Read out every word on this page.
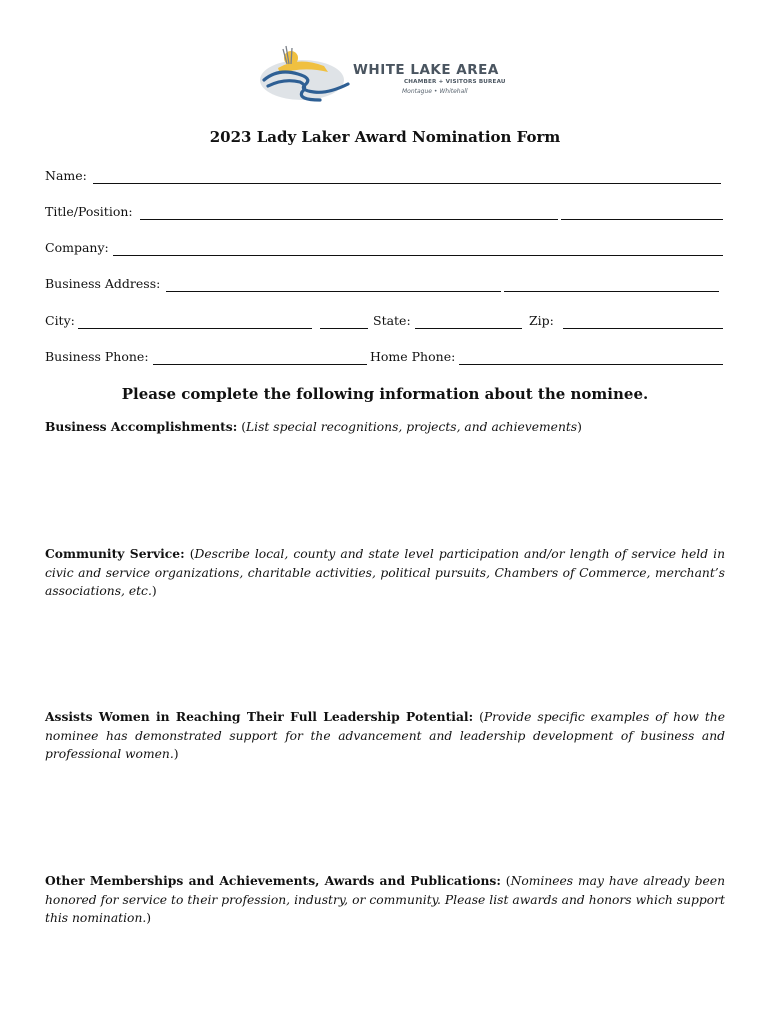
WHITE LAKE AREA
CHAMBER + VISITORS BUREAU
Montague • Whitehall
2023 Lady Laker Award Nomination Form
Name:
Title/Position:
Company:
Business Address:
City:	State:	Zip:
Business Phone:	Home Phone:
Please complete the following information about the nominee.
Business Accomplishments: (List special recognitions, projects, and achievements)
Community Service: (Describe local, county and state level participation and/or length of service held in civic and service organizations, charitable activities, political pursuits, Chambers of Commerce, merchant’s associations, etc.)
Assists Women in Reaching Their Full Leadership Potential: (Provide specific examples of how the nominee has demonstrated support for the advancement and leadership development of business and professional women.)
Other Memberships and Achievements, Awards and Publications: (Nominees may have already been honored for service to their profession, industry, or community. Please list awards and honors which support this nomination.)
